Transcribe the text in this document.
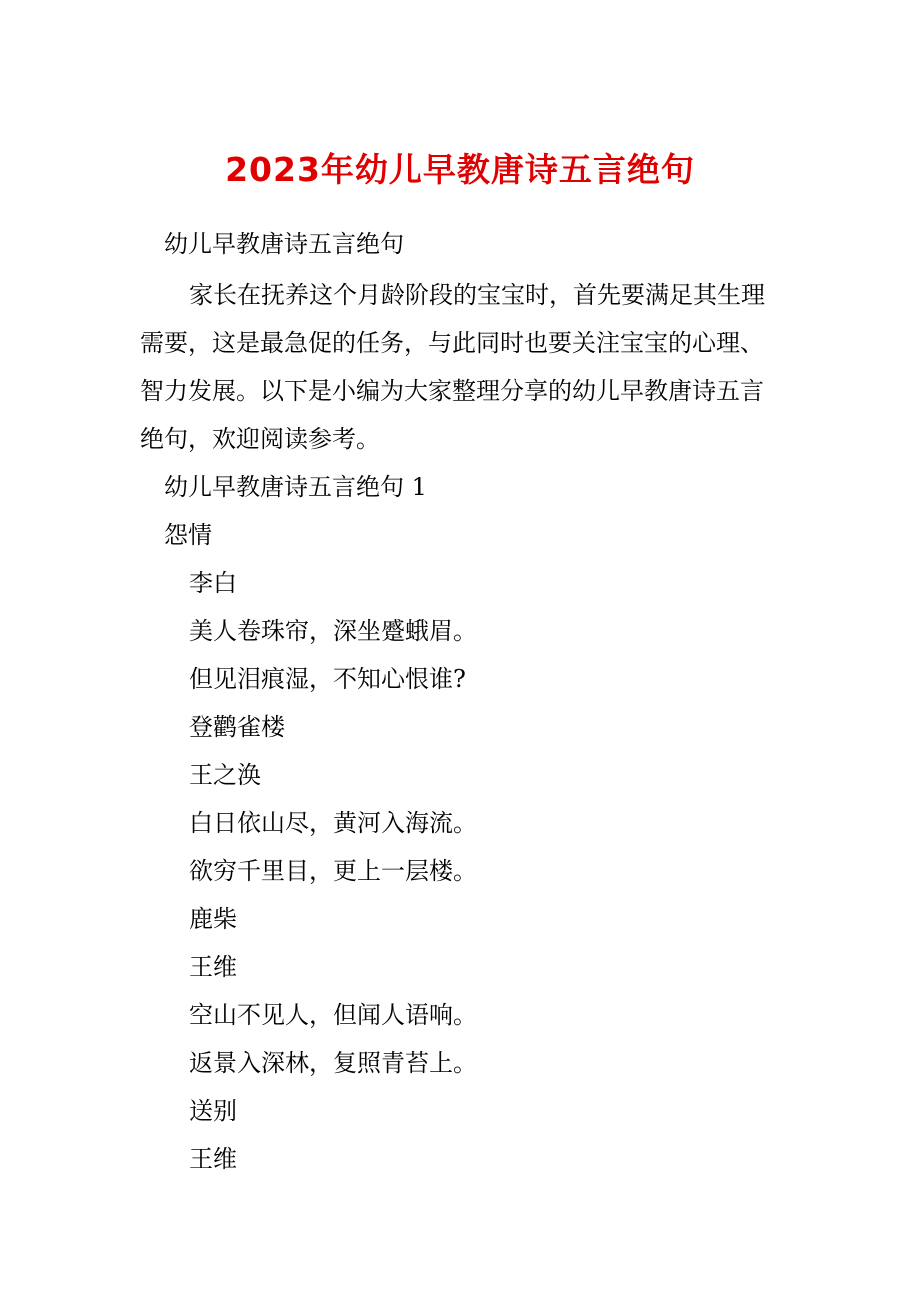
2023年幼儿早教唐诗五言绝句

幼儿早教唐诗五言绝句

家长在抚养这个月龄阶段的宝宝时，首先要满足其生理

需要，这是最急促的任务，与此同时也要关注宝宝的心理、

智力发展。以下是小编为大家整理分享的幼儿早教唐诗五言

绝句，欢迎阅读参考。

幼儿早教唐诗五言绝句 1

怨情

李白

美人卷珠帘，深坐蹙蛾眉。

但见泪痕湿，不知心恨谁?

登鹳雀楼

王之涣

白日依山尽，黄河入海流。

欲穷千里目，更上一层楼。

鹿柴

王维

空山不见人，但闻人语响。

返景入深林，复照青苔上。

送别

王维
